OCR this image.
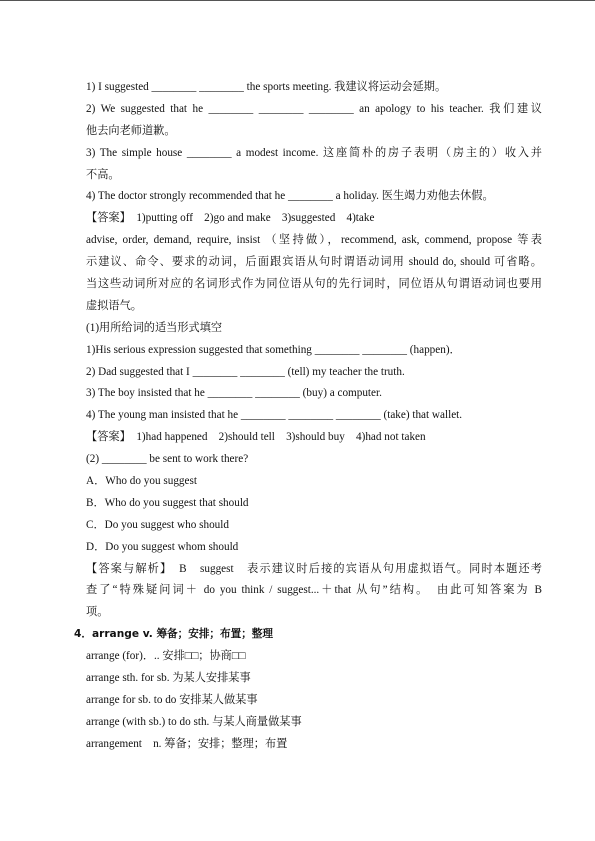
1) I suggested ________ ________ the sports meeting. 我建议将运动会延期。
2) We suggested that he ________ ________ ________ an apology to his teacher. 我们建议
他去向老师道歉。
3) The simple house ________ a modest income. 这座简朴的房子表明（房主的）收入并
不高。
4) The doctor strongly recommended that he ________ a holiday. 医生竭力劝他去休假。
【答案】　1)putting off　2)go and make　3)suggested　4)take
advise, order, demand, require, insist （坚持做），recommend, ask, commend, propose 等表
示建议、命令、要求的动词，后面跟宾语从句时谓语动词用 should do, should 可省略。
当这些动词所对应的名词形式作为同位语从句的先行词时，同位语从句谓语动词也要用
虚拟语气。
(1)用所给词的适当形式填空
1)His serious expression suggested that something ________ ________ (happen)．
2) Dad suggested that I ________ ________ (tell) my teacher the truth.
3) The boy insisted that he ________ ________ (buy) a computer.
4) The young man insisted that he ________ ________ ________ (take) that wallet.
【答案】　1)had happened　2)should tell　3)should buy　4)had not taken
(2) ________ be sent to work there?
A．Who do you suggest
B．Who do you suggest that should
C．Do you suggest who should
D．Do you suggest whom should
【答案与解析】　B　suggest　表示建议时后接的宾语从句用虚拟语气。同时本题还考
查了“特殊疑问词＋ do you think / suggest...＋that 从句”结构。　由此可知答案为 B
项。
4．arrange v. 筹备；安排；布置；整理
arrange (for)．.. 安排□□；协商□□
arrange sth. for sb. 为某人安排某事
arrange for sb. to do 安排某人做某事
arrange (with sb.) to do sth. 与某人商量做某事
arrangement　n. 筹备；安排；整理；布置
